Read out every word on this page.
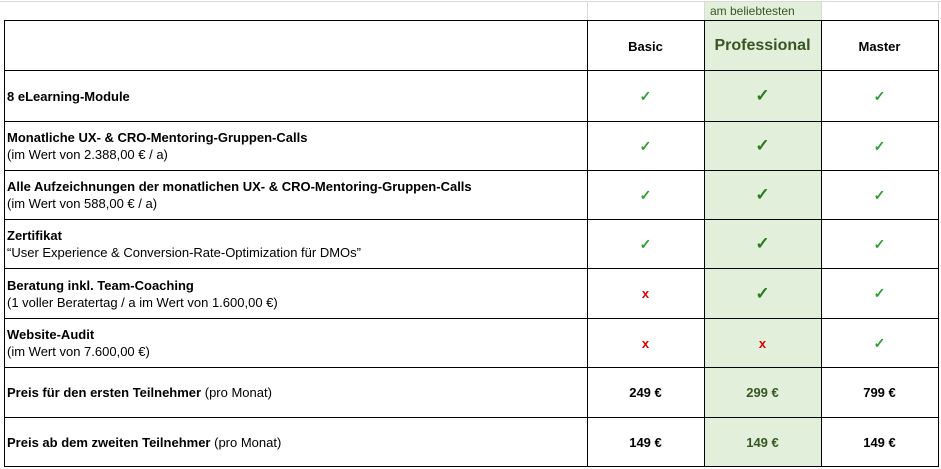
am beliebtesten
Basic	Professional	Master
8 eLearning-Module	✓	✓	✓
Monatliche UX- & CRO-Mentoring-Gruppen-Calls
(im Wert von 2.388,00 € / a)
✓	✓	✓
Alle Aufzeichnungen der monatlichen UX- & CRO-Mentoring-Gruppen-Calls
(im Wert von 588,00 € / a)
✓	✓	✓
Zertifikat
“User Experience & Conversion-Rate-Optimization für DMOs”
✓	✓	✓
Beratung inkl. Team-Coaching
(1 voller Beratertag / a im Wert von 1.600,00 €)
x	✓	✓
Website-Audit
(im Wert von 7.600,00 €)
x	x	✓
Preis für den ersten Teilnehmer (pro Monat)	249 €	299 €	799 €
Preis ab dem zweiten Teilnehmer (pro Monat)	149 €	149 €	149 €
